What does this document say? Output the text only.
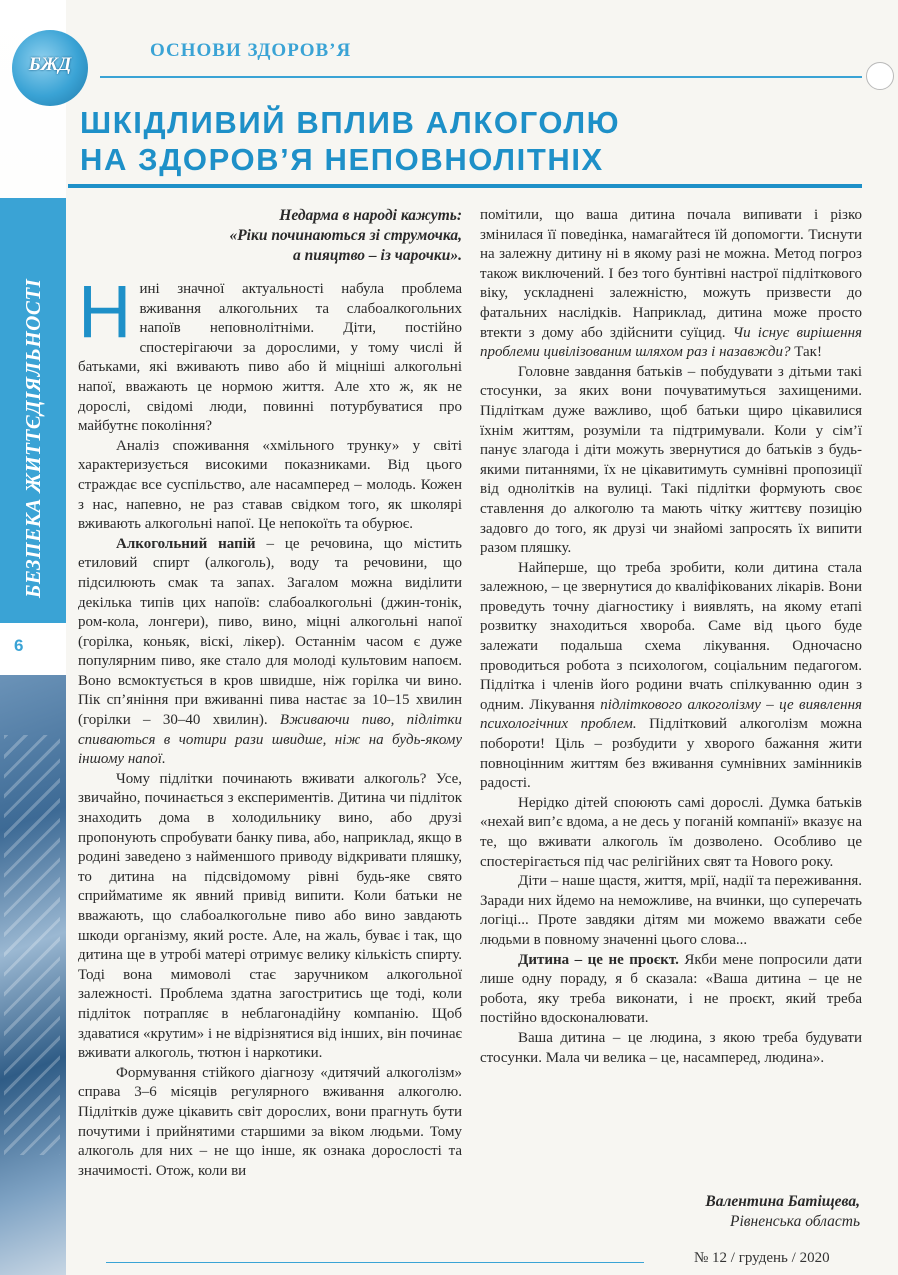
БЕЗПЕКА ЖИТТЄДІЯЛЬНОСТІ
6
БЖД
ОСНОВИ ЗДОРОВ’Я
ШКІДЛИВИЙ ВПЛИВ АЛКОГОЛЮ
НА ЗДОРОВ’Я НЕПОВНОЛІТНІХ
Недарма в народі кажуть:
«Ріки починаються зі струмочка,
а пияцтво – із чарочки».

Нині значної актуальності набула проблема вживання алкогольних та слабоалкогольних напоїв неповнолітніми. Діти, постійно спостерігаючи за дорослими, у тому числі й батьками, які вживають пиво або й міцніші алкогольні напої, вважають це нормою життя. Але хто ж, як не дорослі, свідомі люди, повинні потурбуватися про майбутнє покоління?

Аналіз споживання «хмільного трунку» у світі характеризується високими показниками. Від цього страждає все суспільство, але насамперед – молодь. Кожен з нас, напевно, не раз ставав свідком того, як школярі вживають алкогольні напої. Це непокоїть та обурює.

Алкогольний напій – це речовина, що містить етиловий спирт (алкоголь), воду та речовини, що підсилюють смак та запах. Загалом можна виділити декілька типів цих напоїв: слабоалкогольні (джин-тонік, ром-кола, лонгери), пиво, вино, міцні алкогольні напої (горілка, коньяк, віскі, лікер). Останнім часом є дуже популярним пиво, яке стало для молоді культовим напоєм. Воно всмоктується в кров швидше, ніж горілка чи вино. Пік сп’яніння при вживанні пива настає за 10–15 хвилин (горілки – 30–40 хвилин). Вживаючи пиво, підлітки спиваються в чотири рази швидше, ніж на будь-якому іншому напої.

Чому підлітки починають вживати алкоголь? Усе, звичайно, починається з експериментів. Дитина чи підліток знаходить дома в холодильнику вино, або друзі пропонують спробувати банку пива, або, наприклад, якщо в родині заведено з найменшого приводу відкривати пляшку, то дитина на підсвідомому рівні будь-яке свято сприйматиме як явний привід випити. Коли батьки не вважають, що слабоалкогольне пиво або вино завдають шкоди організму, який росте. Але, на жаль, буває і так, що дитина ще в утробі матері отримує велику кількість спирту. Тоді вона мимоволі стає заручником алкогольної залежності. Проблема здатна загостритись ще тоді, коли підліток потрапляє в неблагонадійну компанію. Щоб здаватися «крутим» і не відрізнятися від інших, він починає вживати алкоголь, тютюн і наркотики.

Формування стійкого діагнозу «дитячий алкоголізм» справа 3–6 місяців регулярного вживання алкоголю. Підлітків дуже цікавить світ дорослих, вони прагнуть бути почутими і прийнятими старшими за віком людьми. Тому алкоголь для них – не що інше, як ознака дорослості та значимості. Отож, коли ви

помітили, що ваша дитина почала випивати і різко змінилася її поведінка, намагайтеся їй допомогти. Тиснути на залежну дитину ні в якому разі не можна. Метод погроз також виключений. І без того бунтівні настрої підліткового віку, ускладнені залежністю, можуть призвести до фатальних наслідків. Наприклад, дитина може просто втекти з дому або здійснити суїцид. Чи існує вирішення проблеми цивілізованим шляхом раз і назавжди? Так!

Головне завдання батьків – побудувати з дітьми такі стосунки, за яких вони почуватимуться захищеними. Підліткам дуже важливо, щоб батьки щиро цікавилися їхнім життям, розуміли та підтримували. Коли у сім’ї панує злагода і діти можуть звернутися до батьків з будь-якими питаннями, їх не цікавитимуть сумнівні пропозиції від однолітків на вулиці. Такі підлітки формують своє ставлення до алкоголю та мають чітку життєву позицію задовго до того, як друзі чи знайомі запросять їх випити разом пляшку.

Найперше, що треба зробити, коли дитина стала залежною, – це звернутися до кваліфікованих лікарів. Вони проведуть точну діагностику і виявлять, на якому етапі розвитку знаходиться хвороба. Саме від цього буде залежати подальша схема лікування. Одночасно проводиться робота з психологом, соціальним педагогом. Підлітка і членів його родини вчать спілкуванню один з одним. Лікування підліткового алкоголізму – це виявлення психологічних проблем. Підлітковий алкоголізм можна побороти! Ціль – розбудити у хворого бажання жити повноцінним життям без вживання сумнівних замінників радості.

Нерідко дітей споюють самі дорослі. Думка батьків «нехай вип’є вдома, а не десь у поганій компанії» вказує на те, що вживати алкоголь їм дозволено. Особливо це спостерігається під час релігійних свят та Нового року.

Діти – наше щастя, життя, мрії, надії та переживання. Заради них йдемо на неможливе, на вчинки, що суперечать логіці... Проте завдяки дітям ми можемо вважати себе людьми в повному значенні цього слова...

Дитина – це не проєкт. Якби мене попросили дати лише одну пораду, я б сказала: «Ваша дитина – це не робота, яку треба виконати, і не проєкт, який треба постійно вдосконалювати.

Ваша дитина – це людина, з якою треба будувати стосунки. Мала чи велика – це, насамперед, людина».

Валентина Батіщева,
Рівненська область
№ 12 / грудень / 2020
